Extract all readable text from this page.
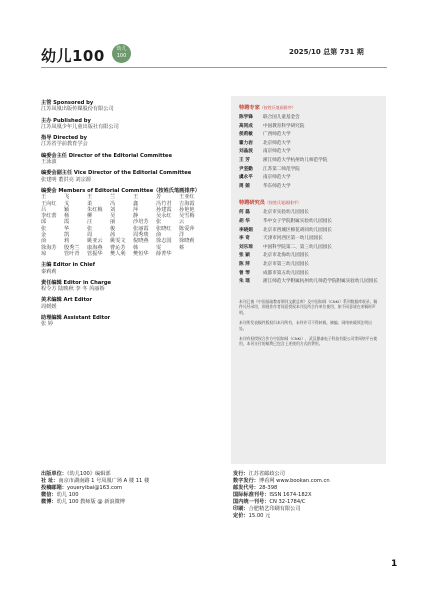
幼儿100	幼儿100	2025/10 总第 731 期
主管 Sponsored by
江苏凤凰出版传媒股份有限公司
主办 Published by
江苏凤凰少年儿童出版社有限公司
指导 Directed by
江苏省学前教育学会
编委会主任 Director of the Editorial Committee
王泳波
编委会副主任 Vice Director of the Editorial Committee
张建明 董洪亮 刘宗源
编委会 Members of Editorial Committee（按姓氏笔画排序）
王	飞	王	兰	王	芳	王亚红
王向红	戈	柔	冯	鑫	冯竹君	吉海霞
吕	颖	朱红梅	刘	萍	孙建霞	孙艳艳
李红蕾	杨	柳	吴	静	吴永红	吴雪梅
邱	霞	汪	丽	沙培芳	张	云
张	华	张	俊	张丽霞	张晓红	陈爱萍
金	凯	周	茜	周秀琰	俞	洋
俞	莉	姚亚云	姚雯文	倪晓燕	徐志国	徐晓莉
徐海芳	殷秀兰	康海燕	曹沁芳	韩	雯	蔡
琼	管叶青	管振华	樊人利	樊恒华	薛菁华
主编 Editor in Chief
秦莉莉
责任编辑 Editor in Charge
程令方 陆映秋 李 冬 芮丽娇
美术编辑 Art Editor
周媛媛
助理编辑 Assistant Editor
张 婷
特聘专家（按姓氏笔画排序）
陈学锋	联合国儿童基金会
高同成	中国教育科学研究院
侯莉敏	广西师范大学
霍力岩	北京师范大学
刘晶波	南京师范大学
王 芳	浙江师范大学杭州幼儿师范学院
尹坚勤	江苏第二师范学院
虞永平	南京师范大学
周 兢	华东师范大学
特聘研究员（按姓氏笔画排序）
何 磊	北京市实验幼儿园园长
胡 华	华中女子学院附属实验幼儿园园长
李晓娟	北京市西城区棉花胡同幼儿园园长
李 奇	天津市河西区第一幼儿园园长
刘乐琼	中国科学院第二、第三幼儿园园长
张 颖	北京市北海幼儿园园长
陈 萍	北京市第三幼儿园园长
曾 琴	成都市第五幼儿园园长
朱 瑶	浙江师范大学附属杭州幼儿师范学院附属实验幼儿园园长
本刊已被《中国基础教育期刊文献总库》及中国知网（CNKI）系列数据库收录，稿件凡经录用，即视作作者同意授权本刊及所合作单位使用，如不同意请在来稿时声明。
本刊所发表稿件版权归本刊所有，未经许可不得转载，摘编、网络转载须注明出处。
本刊有权授权合作方中国知网（CNKI），武汉鼎森电子科技有限公司等网络平台使用，本刊支付的稿费已包含上述使用方式的费用。
出版单位：《幼儿100》编辑部
社 址：南京市湖南路 1 号凤凰广场 A 楼 11 楼
投稿邮箱：youeryibai@163.com
微信：幼儿 100
微博：幼儿 100 教师版 @ 新浪微博
发行：江苏省邮政公司
数字发行：博看网 www.bookan.com.cn
邮发代号：28-398
国际标准刊号：ISSN 1674-182X
国内统一刊号：CN 32-1784/C
印刷：合肥精艺印刷有限公司
定价：15.00 元
1
